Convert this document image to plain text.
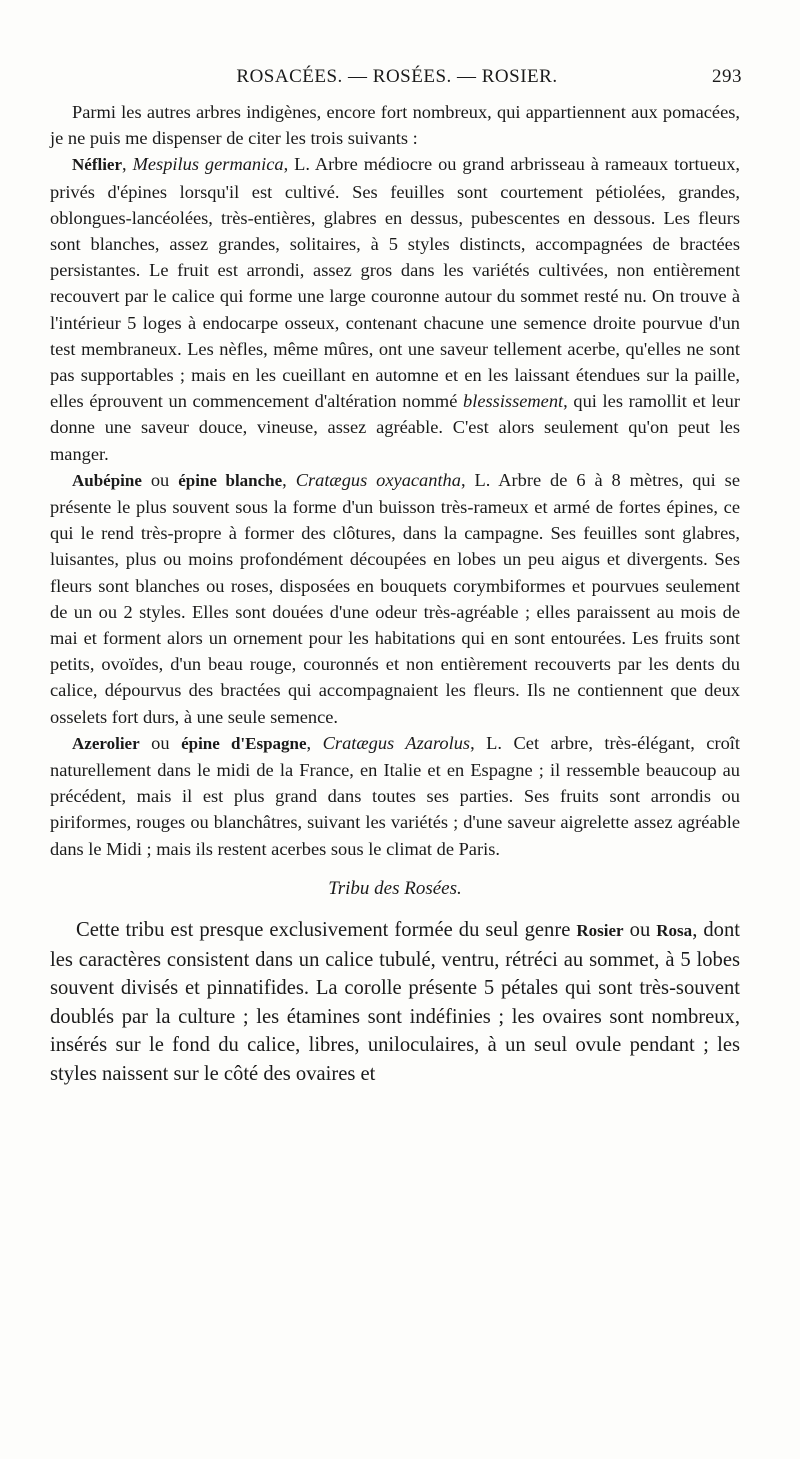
ROSACÉES. — ROSÉES. — ROSIER.	293

Parmi les autres arbres indigènes, encore fort nombreux, qui appartiennent aux pomacées, je ne puis me dispenser de citer les trois suivants :

Néflier, Mespilus germanica, L. Arbre médiocre ou grand arbrisseau à rameaux tortueux, privés d'épines lorsqu'il est cultivé. Ses feuilles sont courtement pétiolées, grandes, oblongues-lancéolées, très-entières, glabres en dessus, pubescentes en dessous. Les fleurs sont blanches, assez grandes, solitaires, à 5 styles distincts, accompagnées de bractées persistantes. Le fruit est arrondi, assez gros dans les variétés cultivées, non entièrement recouvert par le calice qui forme une large couronne autour du sommet resté nu. On trouve à l'intérieur 5 loges à endocarpe osseux, contenant chacune une semence droite pourvue d'un test membraneux. Les nèfles, même mûres, ont une saveur tellement acerbe, qu'elles ne sont pas supportables ; mais en les cueillant en automne et en les laissant étendues sur la paille, elles éprouvent un commencement d'altération nommé blessissement, qui les ramollit et leur donne une saveur douce, vineuse, assez agréable. C'est alors seulement qu'on peut les manger.

Aubépine ou épine blanche, Cratægus oxyacantha, L. Arbre de 6 à 8 mètres, qui se présente le plus souvent sous la forme d'un buisson très-rameux et armé de fortes épines, ce qui le rend très-propre à former des clôtures, dans la campagne. Ses feuilles sont glabres, luisantes, plus ou moins profondément découpées en lobes un peu aigus et divergents. Ses fleurs sont blanches ou roses, disposées en bouquets corymbiformes et pourvues seulement de un ou 2 styles. Elles sont douées d'une odeur très-agréable ; elles paraissent au mois de mai et forment alors un ornement pour les habitations qui en sont entourées. Les fruits sont petits, ovoïdes, d'un beau rouge, couronnés et non entièrement recouverts par les dents du calice, dépourvus des bractées qui accompagnaient les fleurs. Ils ne contiennent que deux osselets fort durs, à une seule semence.

Azerolier ou épine d'Espagne, Cratægus Azarolus, L. Cet arbre, très-élégant, croît naturellement dans le midi de la France, en Italie et en Espagne ; il ressemble beaucoup au précédent, mais il est plus grand dans toutes ses parties. Ses fruits sont arrondis ou piriformes, rouges ou blanchâtres, suivant les variétés ; d'une saveur aigrelette assez agréable dans le Midi ; mais ils restent acerbes sous le climat de Paris.

Tribu des Rosées.

Cette tribu est presque exclusivement formée du seul genre Rosier ou Rosa, dont les caractères consistent dans un calice tubulé, ventru, rétréci au sommet, à 5 lobes souvent divisés et pinnatifides. La corolle présente 5 pétales qui sont très-souvent doublés par la culture ; les étamines sont indéfinies ; les ovaires sont nombreux, insérés sur le fond du calice, libres, uniloculaires, à un seul ovule pendant ; les styles naissent sur le côté des ovaires et
